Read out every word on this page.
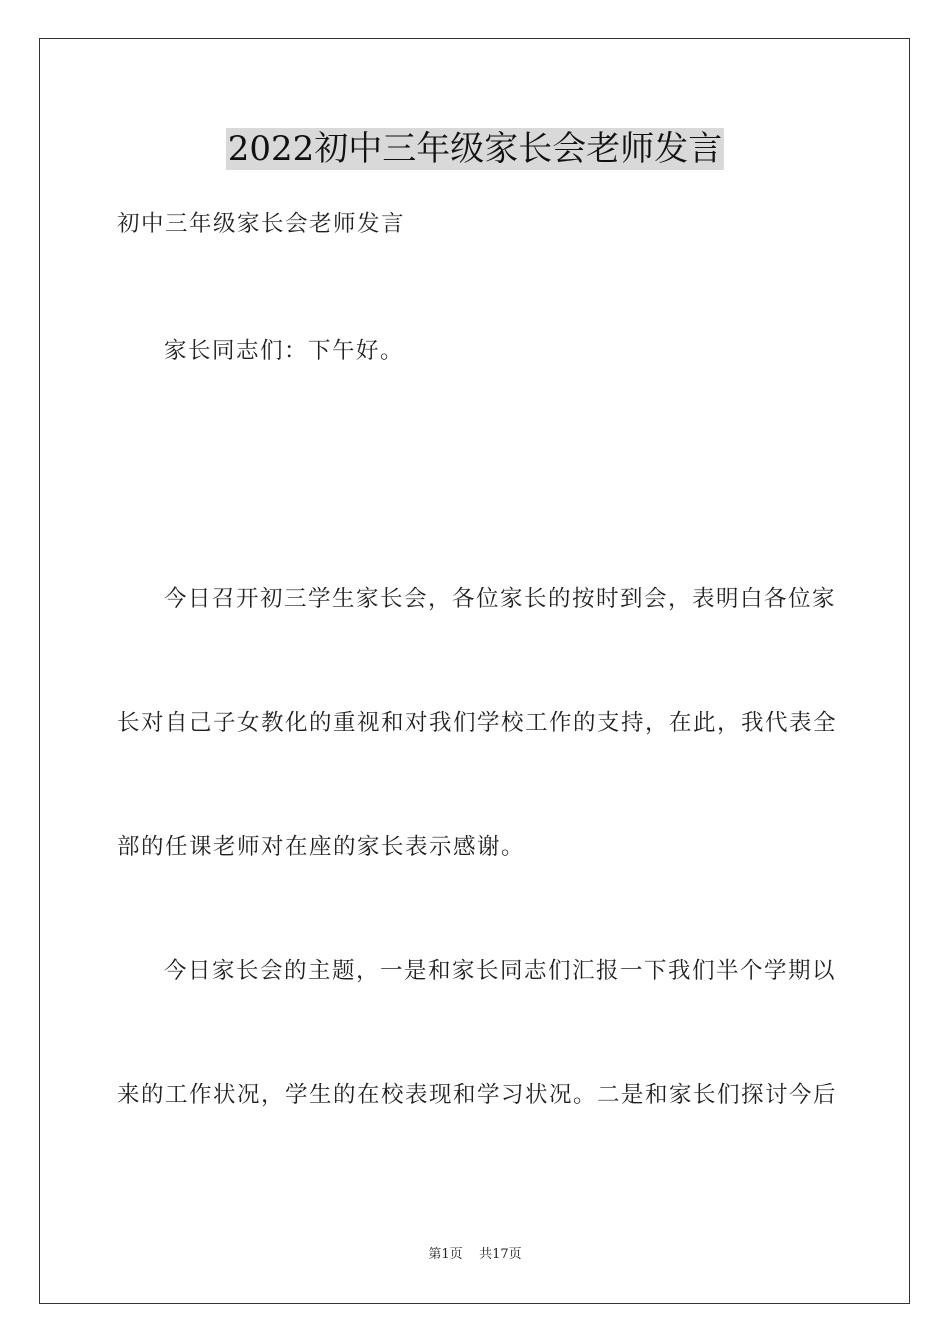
2022初中三年级家长会老师发言
初中三年级家长会老师发言
家长同志们：下午好。
今日召开初三学生家长会，各位家长的按时到会，表明白各位家
长对自己子女教化的重视和对我们学校工作的支持，在此，我代表全
部的任课老师对在座的家长表示感谢。
今日家长会的主题，一是和家长同志们汇报一下我们半个学期以
来的工作状况，学生的在校表现和学习状况。二是和家长们探讨今后
第1页 共17页
